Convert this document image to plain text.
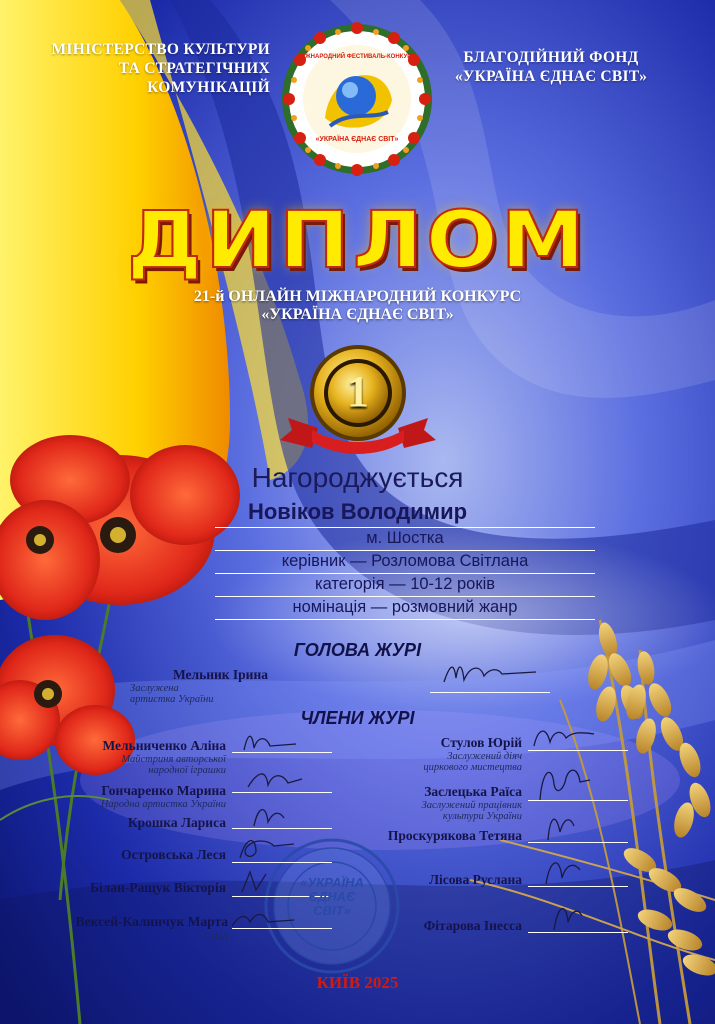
МІНІСТЕРСТВО КУЛЬТУРИ
ТА СТРАТЕГІЧНИХ
КОМУНІКАЦІЙ
БЛАГОДІЙНИЙ ФОНД
«УКРАЇНА ЄДНАЄ СВІТ»
МІЖНАРОДНИЙ ФЕСТИВАЛЬ-КОНКУРС
«УКРАЇНА ЄДНАЄ СВІТ»
ДИПЛОМ
21-й ОНЛАЙН МІЖНАРОДНИЙ КОНКУРС
«УКРАЇНА ЄДНАЄ СВІТ»
1
Нагороджується
Новіков Володимир
м. Шостка
керівник — Розломова Світлана
категорія — 10-12 років
номінація — розмовний жанр
ГОЛОВА ЖУРІ
Мельник Ірина
Заслужена
артистка України
ЧЛЕНИ ЖУРІ
Мельниченко Аліна
Майстриня авторської
народної іграшки
Гончаренко Марина
Народна артистка України
Крошка Лариса
Островська Леся
Білан-Ращук Вікторія
Вексей-Калинчук Марта
США
Стулов Юрій
Заслужений діяч
циркового мистецтва
Заслецька Раїса
Заслужений працівник
культури України
Проскурякова Тетяна
Лісова Руслана
Фітарова Інесса
«УКРАЇНА
ЄДНАЄ
СВІТ»
КИЇВ 2025
